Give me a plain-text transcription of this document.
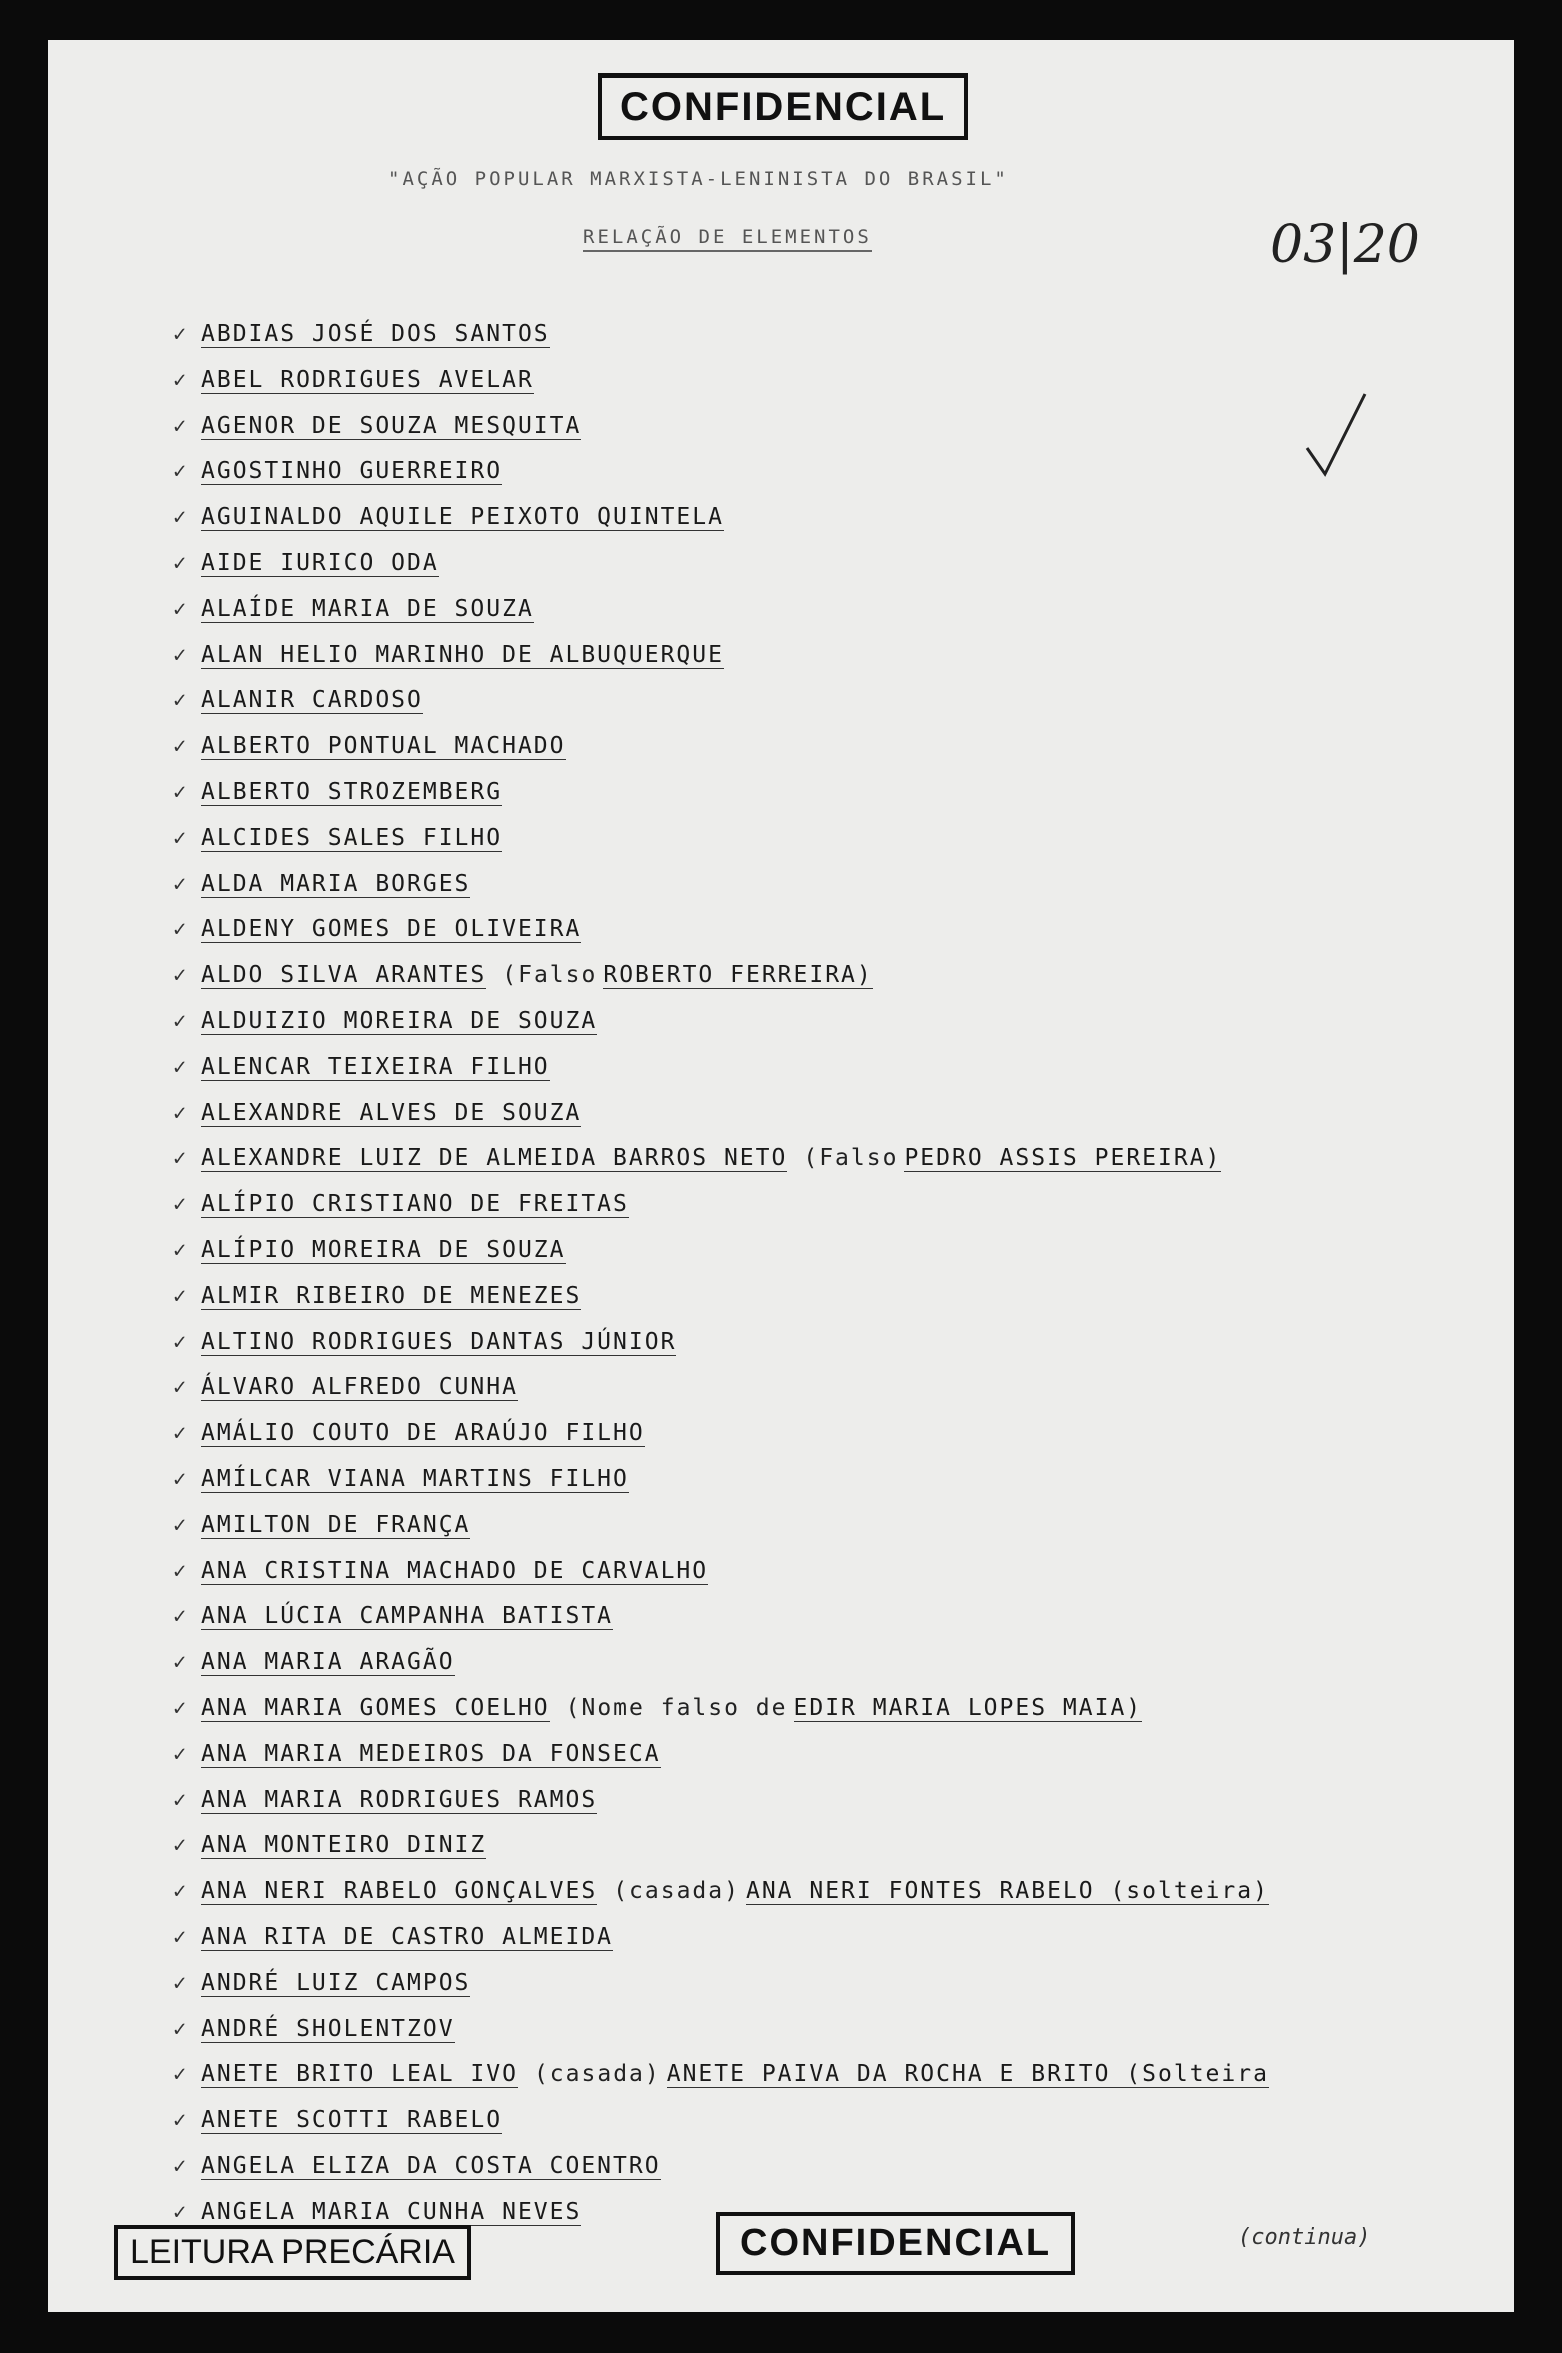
CONFIDENCIAL
"AÇÃO POPULAR MARXISTA-LENINISTA DO BRASIL"
RELAÇÃO DE ELEMENTOS	03|20
✓ ABDIAS JOSÉ DOS SANTOS
✓ ABEL RODRIGUES AVELAR
✓ AGENOR DE SOUZA MESQUITA
✓ AGOSTINHO GUERREIRO
✓ AGUINALDO AQUILE PEIXOTO QUINTELA
✓ AIDE IURICO ODA
✓ ALAÍDE MARIA DE SOUZA
✓ ALAN HELIO MARINHO DE ALBUQUERQUE
✓ ALANIR CARDOSO
✓ ALBERTO PONTUAL MACHADO
✓ ALBERTO STROZEMBERG
✓ ALCIDES SALES FILHO
✓ ALDA MARIA BORGES
✓ ALDENY GOMES DE OLIVEIRA
✓ ALDO SILVA ARANTES (Falso ROBERTO FERREIRA)
✓ ALDUIZIO MOREIRA DE SOUZA
✓ ALENCAR TEIXEIRA FILHO
✓ ALEXANDRE ALVES DE SOUZA
✓ ALEXANDRE LUIZ DE ALMEIDA BARROS NETO (Falso PEDRO ASSIS PEREIRA)
✓ ALÍPIO CRISTIANO DE FREITAS
✓ ALÍPIO MOREIRA DE SOUZA
✓ ALMIR RIBEIRO DE MENEZES
✓ ALTINO RODRIGUES DANTAS JÚNIOR
✓ ÁLVARO ALFREDO CUNHA
✓ AMÁLIO COUTO DE ARAÚJO FILHO
✓ AMÍLCAR VIANA MARTINS FILHO
✓ AMILTON DE FRANÇA
✓ ANA CRISTINA MACHADO DE CARVALHO
✓ ANA LÚCIA CAMPANHA BATISTA
✓ ANA MARIA ARAGÃO
✓ ANA MARIA GOMES COELHO (Nome falso de EDIR MARIA LOPES MAIA)
✓ ANA MARIA MEDEIROS DA FONSECA
✓ ANA MARIA RODRIGUES RAMOS
✓ ANA MONTEIRO DINIZ
✓ ANA NERI RABELO GONÇALVES (casada) ANA NERI FONTES RABELO (solteira)
✓ ANA RITA DE CASTRO ALMEIDA
✓ ANDRÉ LUIZ CAMPOS
✓ ANDRÉ SHOLENTZOV
✓ ANETE BRITO LEAL IVO (casada) ANETE PAIVA DA ROCHA E BRITO (Solteira
✓ ANETE SCOTTI RABELO
✓ ANGELA ELIZA DA COSTA COENTRO
✓ ANGELA MARIA CUNHA NEVES
LEITURA PRECÁRIA	CONFIDENCIAL	(continua)
